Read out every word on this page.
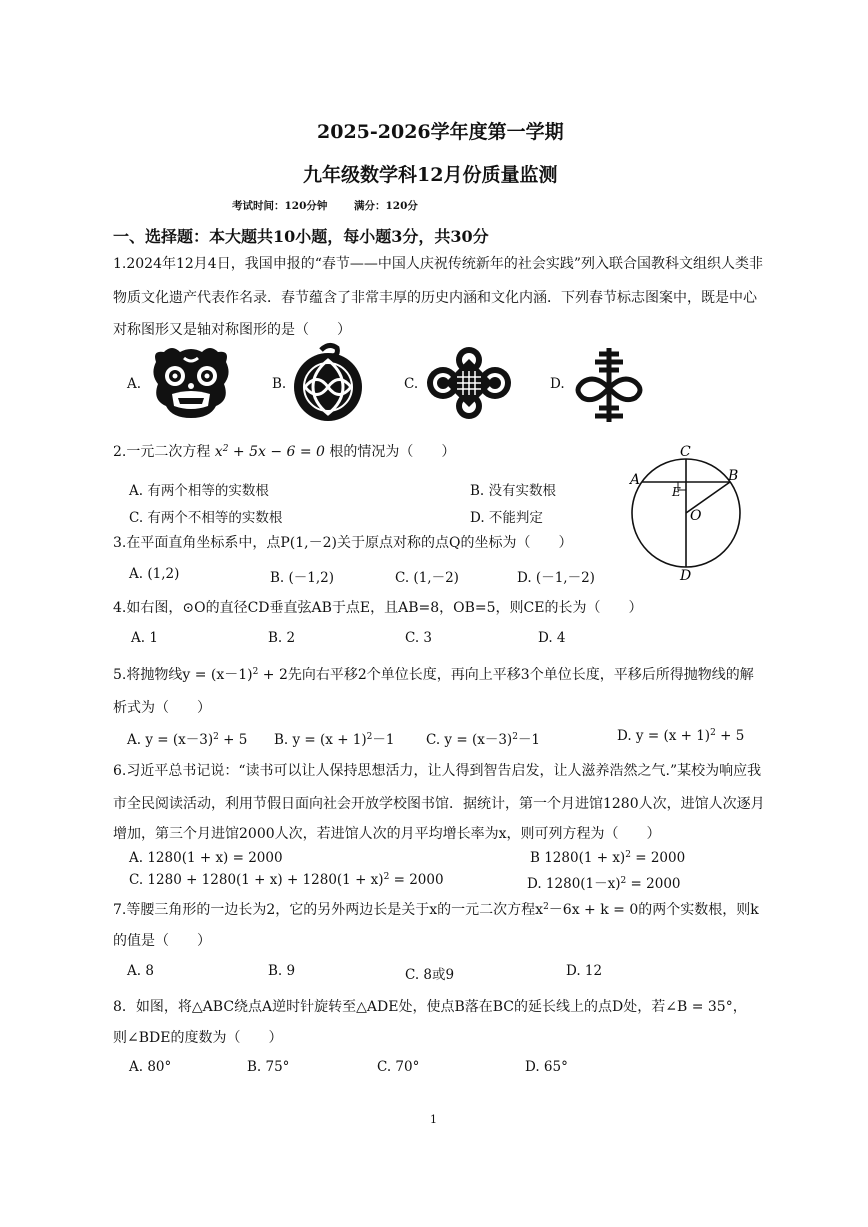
2025-2026学年度第一学期
九年级数学科12月份质量监测
考试时间：120分钟	满分：120分
一、选择题：本大题共10小题，每小题3分，共30分
1.2024年12月4日，我国申报的“春节——中国人庆祝传统新年的社会实践”列入联合国教科文组织人类非
物质文化遗产代表作名录．春节蕴含了非常丰厚的历史内涵和文化内涵．下列春节标志图案中，既是中心
对称图形又是轴对称图形的是（　　）
A.	B.	C.	D.
2.一元二次方程 $x^2 + 5x - 6 = 0$ 根的情况为（　　）
A. 有两个相等的实数根	B. 没有实数根
C. 有两个不相等的实数根	D. 不能判定
C
A	B
E
O
D
3.在平面直角坐标系中，点P(1,－2)关于原点对称的点Q的坐标为（　　）
A. (1,2)	B. (－1,2)	C. (1,－2)	D. (－1,－2)
4.如右图，⊙O的直径CD垂直弦AB于点E，且AB=8，OB=5，则CE的长为（　　）
A. 1	B. 2	C. 3	D. 4
5.将抛物线$y = (x-1)^2 + 2$先向右平移2个单位长度，再向上平移3个单位长度，平移后所得抛物线的解
析式为（　　）
A. $y = (x-3)^2 + 5$ B. $y = (x + 1)^2-1$ C. $y = (x-3)^2-1$	D. $y = (x + 1)^2 + 5$
6.习近平总书记说：“读书可以让人保持思想活力，让人得到智告启发，让人滋养浩然之气.”某校为响应我
市全民阅读活动，利用节假日面向社会开放学校图书馆．据统计，第一个月进馆1280人次，进馆人次逐月
增加，第三个月进馆2000人次，若进馆人次的月平均增长率为x，则可列方程为（　　）
A. 1280(1 + x) = 2000	B $1280(1 + x)^2 = 2000$
C. $1280 + 1280(1 + x) + 1280(1 + x)^2 = 2000$	D. $1280(1-x)^2 = 2000$
7.等腰三角形的一边长为2，它的另外两边长是关于x的一元二次方程$x^2-6x + k = 0$的两个实数根，则k
的值是（　　）
A. 8	B. 9	C. 8或9	D. 12
8．如图，将△ABC绕点A逆时针旋转至△ADE处，使点B落在BC的延长线上的点D处，若∠B = 35°，
则∠BDE的度数为（　　）
A. 80°	B. 75°	C. 70°	D. 65°
1
